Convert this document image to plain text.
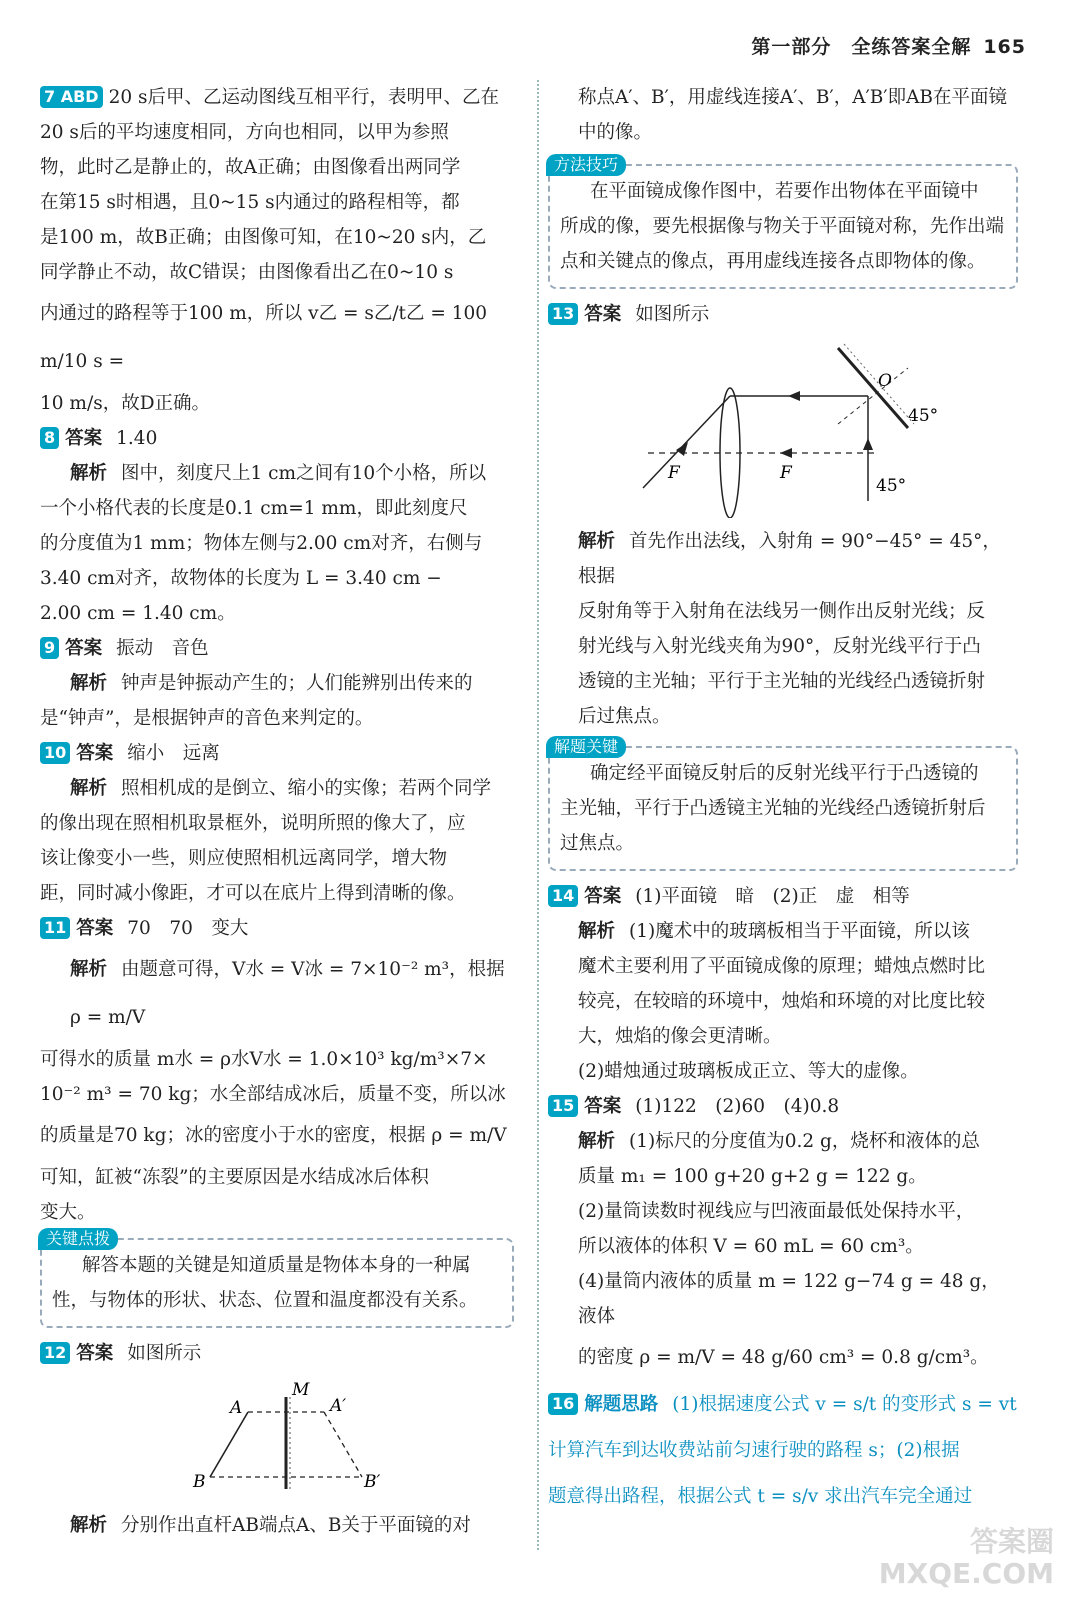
第一部分　全练答案全解 165

7 ABD 20 s后甲、乙运动图线互相平行，表明甲、乙在

20 s后的平均速度相同，方向也相同，以甲为参照

物，此时乙是静止的，故A正确；由图像看出两同学

在第15 s时相遇，且0~15 s内通过的路程相等，都

是100 m，故B正确；由图像可知，在10~20 s内，乙

同学静止不动，故C错误；由图像看出乙在0~10 s

内通过的路程等于100 m，所以 v乙 = s乙/t乙 = 100 m/10 s =

10 m/s，故D正确。

8 答案 1.40

解析 图中，刻度尺上1 cm之间有10个小格，所以

一个小格代表的长度是0.1 cm=1 mm，即此刻度尺

的分度值为1 mm；物体左侧与2.00 cm对齐，右侧与

3.40 cm对齐，故物体的长度为 L = 3.40 cm −

2.00 cm = 1.40 cm。

9 答案 振动　音色

解析 钟声是钟振动产生的；人们能辨别出传来的

是“钟声”，是根据钟声的音色来判定的。

10 答案 缩小　远离

解析 照相机成的是倒立、缩小的实像；若两个同学

的像出现在照相机取景框外，说明所照的像大了，应

该让像变小一些，则应使照相机远离同学，增大物

距，同时减小像距，才可以在底片上得到清晰的像。

11 答案 70　70　变大

解析 由题意可得，V水 = V冰 = 7×10⁻² m³，根据 ρ = m/V

可得水的质量 m水 = ρ水V水 = 1.0×10³ kg/m³×7×

10⁻² m³ = 70 kg；水全部结成冰后，质量不变，所以冰

的质量是70 kg；冰的密度小于水的密度，根据 ρ = m/V

可知，缸被“冻裂”的主要原因是水结成冰后体积

变大。

关键点拨

解答本题的关键是知道质量是物体本身的一种属

性，与物体的形状、状态、位置和温度都没有关系。

12 答案 如图所示

M
A	A′
B	B′

解析 分别作出直杆AB端点A、B关于平面镜的对

称点A′、B′，用虚线连接A′、B′，A′B′即AB在平面镜

中的像。

方法技巧

在平面镜成像作图中，若要作出物体在平面镜中

所成的像，要先根据像与物关于平面镜对称，先作出端

点和关键点的像点，再用虚线连接各点即物体的像。

13 答案 如图所示

O
45°
45°
F	F

解析 首先作出法线，入射角 = 90°−45° = 45°，根据

反射角等于入射角在法线另一侧作出反射光线；反

射光线与入射光线夹角为90°，反射光线平行于凸

透镜的主光轴；平行于主光轴的光线经凸透镜折射

后过焦点。

解题关键

确定经平面镜反射后的反射光线平行于凸透镜的

主光轴，平行于凸透镜主光轴的光线经凸透镜折射后

过焦点。

14 答案 (1)平面镜　暗　(2)正　虚　相等

解析 (1)魔术中的玻璃板相当于平面镜，所以该

魔术主要利用了平面镜成像的原理；蜡烛点燃时比

较亮，在较暗的环境中，烛焰和环境的对比度比较

大，烛焰的像会更清晰。

(2)蜡烛通过玻璃板成正立、等大的虚像。

15 答案 (1)122　(2)60　(4)0.8

解析 (1)标尺的分度值为0.2 g，烧杯和液体的总

质量 m₁ = 100 g+20 g+2 g = 122 g。

(2)量筒读数时视线应与凹液面最低处保持水平，

所以液体的体积 V = 60 mL = 60 cm³。

(4)量筒内液体的质量 m = 122 g−74 g = 48 g，液体

的密度 ρ = m/V = 48 g/60 cm³ = 0.8 g/cm³。

16 解题思路 (1)根据速度公式 v = s/t 的变形式 s = vt

计算汽车到达收费站前匀速行驶的路程 s；(2)根据

题意得出路程，根据公式 t = s/v 求出汽车完全通过

答案圈
MXQE.COM
